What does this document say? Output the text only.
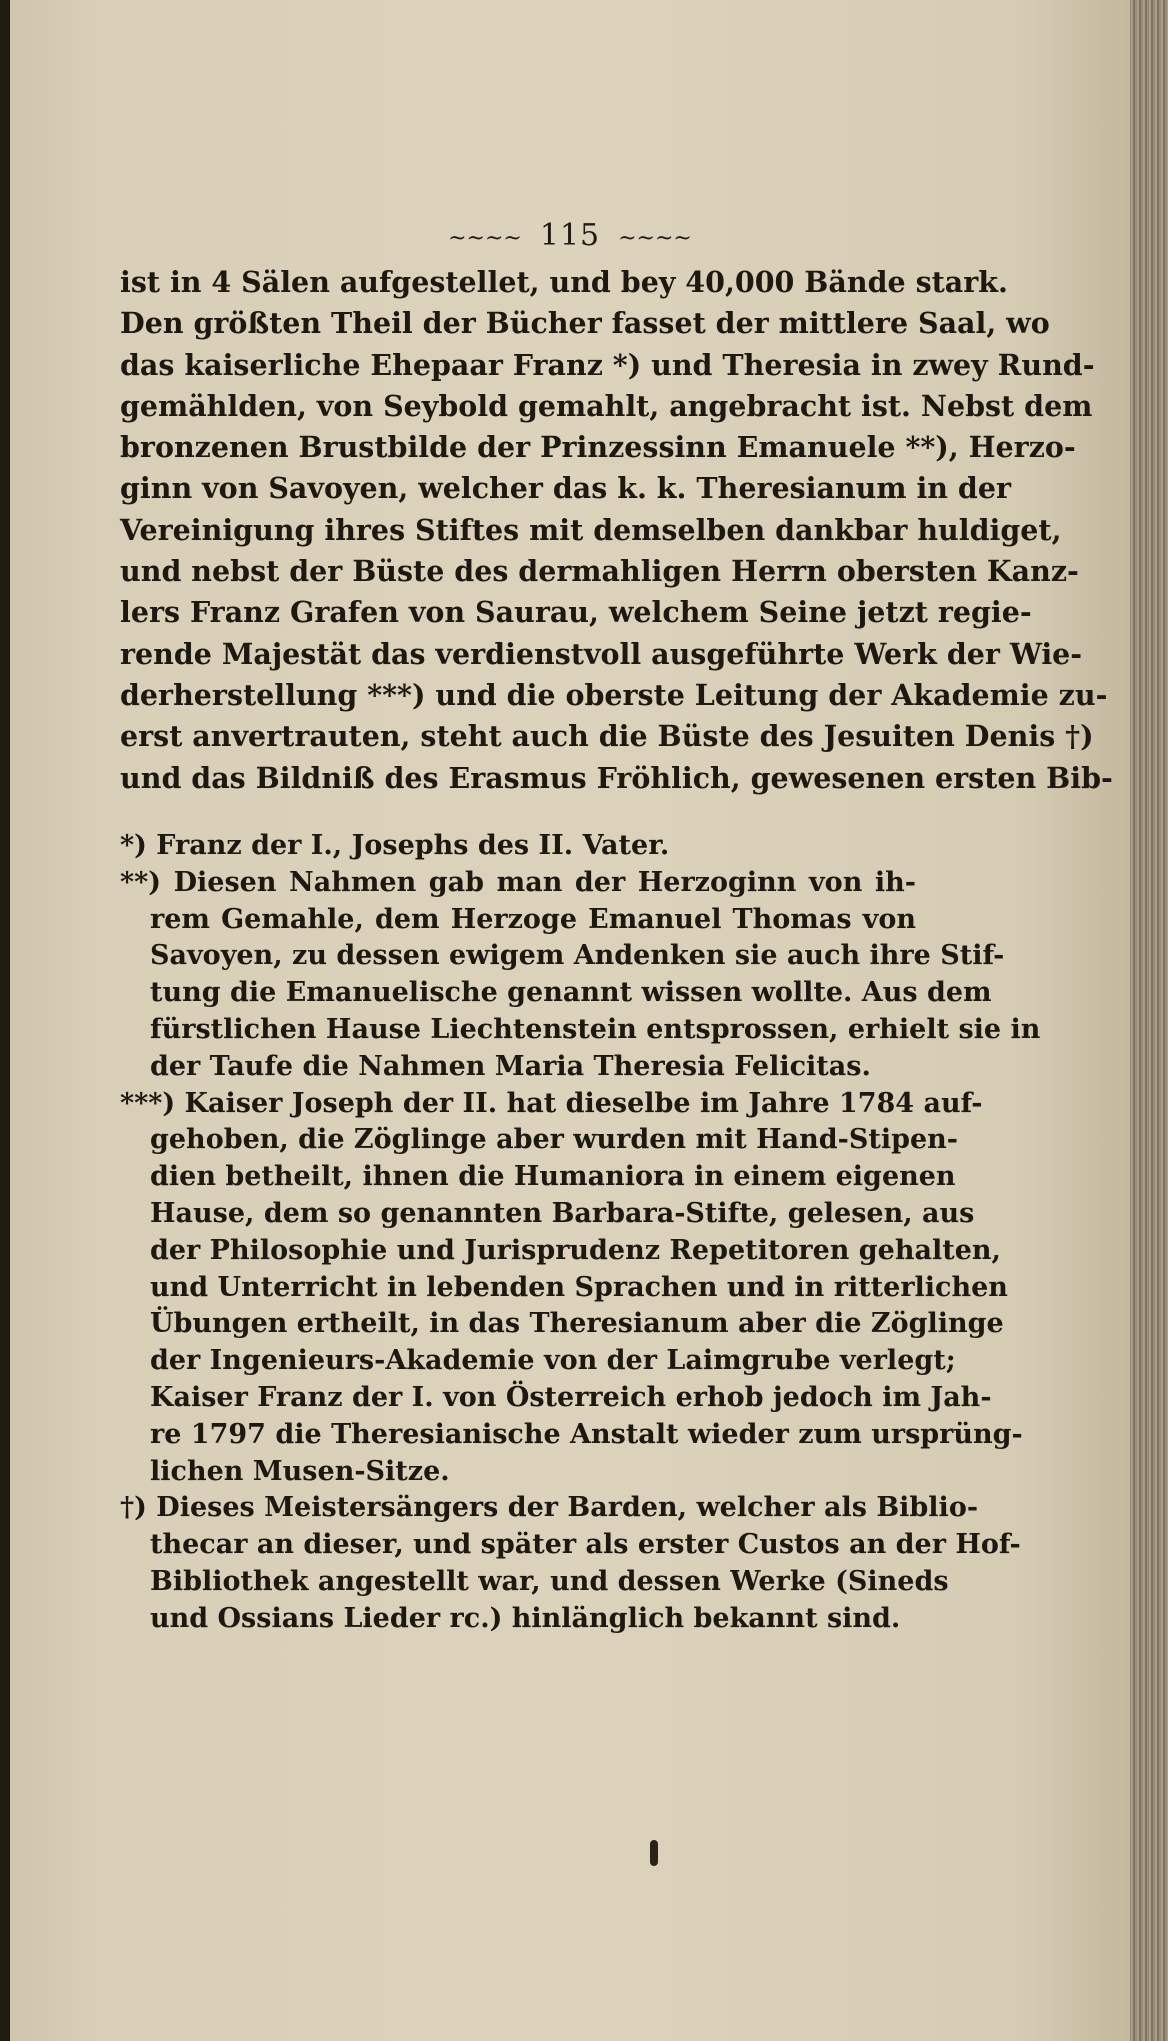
~~~~ 115 ~~~~
ist in 4 Sälen aufgestellet, und bey 40,000 Bände stark.
Den größten Theil der Bücher fasset der mittlere Saal, wo
das kaiserliche Ehepaar Franz *) und Theresia in zwey Rund-
gemählden, von Seybold gemahlt, angebracht ist. Nebst dem
bronzenen Brustbilde der Prinzessinn Emanuele **), Herzo-
ginn von Savoyen, welcher das k. k. Theresianum in der
Vereinigung ihres Stiftes mit demselben dankbar huldiget,
und nebst der Büste des dermahligen Herrn obersten Kanz-
lers Franz Grafen von Saurau, welchem Seine jetzt regie-
rende Majestät das verdienstvoll ausgeführte Werk der Wie-
derherstellung ***) und die oberste Leitung der Akademie zu-
erst anvertrauten, steht auch die Büste des Jesuiten Denis †)
und das Bildniß des Erasmus Fröhlich, gewesenen ersten Bib-
*) Franz der I., Josephs des II. Vater.
**) Diesen Nahmen gab man der Herzoginn von ih-
rem Gemahle, dem Herzoge Emanuel Thomas von
Savoyen, zu dessen ewigem Andenken sie auch ihre Stif-
tung die Emanuelische genannt wissen wollte. Aus dem
fürstlichen Hause Liechtenstein entsprossen, erhielt sie in
der Taufe die Nahmen Maria Theresia Felicitas.
***) Kaiser Joseph der II. hat dieselbe im Jahre 1784 auf-
gehoben, die Zöglinge aber wurden mit Hand-Stipen-
dien betheilt, ihnen die Humaniora in einem eigenen
Hause, dem so genannten Barbara-Stifte, gelesen, aus
der Philosophie und Jurisprudenz Repetitoren gehalten,
und Unterricht in lebenden Sprachen und in ritterlichen
Übungen ertheilt, in das Theresianum aber die Zöglinge
der Ingenieurs-Akademie von der Laimgrube verlegt;
Kaiser Franz der I. von Österreich erhob jedoch im Jah-
re 1797 die Theresianische Anstalt wieder zum ursprüng-
lichen Musen-Sitze.
†) Dieses Meistersängers der Barden, welcher als Biblio-
thecar an dieser, und später als erster Custos an der Hof-
Bibliothek angestellt war, und dessen Werke (Sineds
und Ossians Lieder rc.) hinlänglich bekannt sind.
